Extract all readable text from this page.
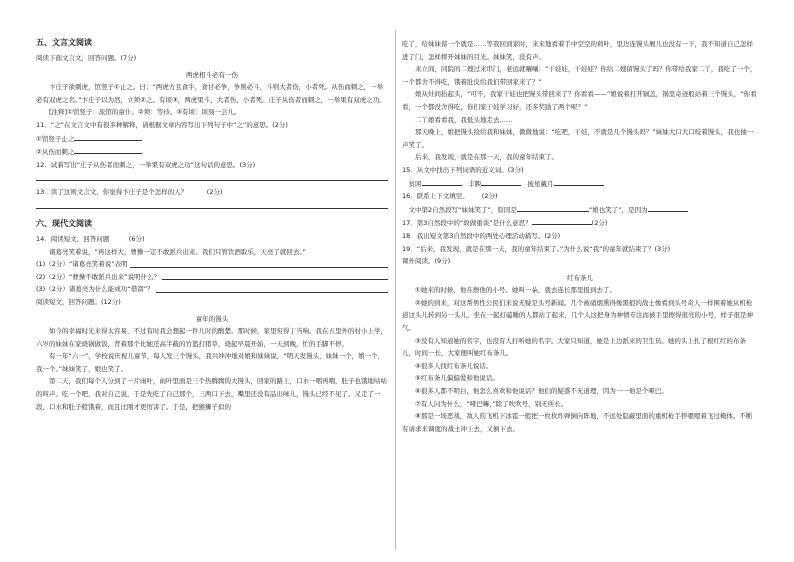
五、文言文阅读

阅读下面文言文，回答问题。(7分)

两虎相斗必有一伤

卞庄子欲刺虎，馆竖子①止之。曰：“两虎方且食牛，食甘必争，争则必斗，斗则大者伤，小者死。从伤而刺之，一举必有双虎之名。”卞庄子以为然，立须②之。有顷③，两虎果斗，大者伤，小者死。庄子从伤者而刺之，一举果有双虎之功。

[注释]①馆竖子：旅馆的童仆。②须：等待。③有顷：顷刻一会儿。

11．“之”在文言文中有很多种解释，请根据文章内容写出下列句子中“之”的意思。(2分)

①馆竖子止之

②从伤而刺之

12．试着写出“庄子从伤者而刺之，一举果有双虎之功”这句话的意思。(3分)

13．读了这则文言文，你觉得卞庄子是个怎样的人？   	(2分)

六、现代文阅读

14．阅读短文，回答问题   	(6分)

诸葛亮笑着说，“再这样大，曹操一定不敢派兵出来。我们只管饮酒取乐，天亮了就回去。”

(1)（2分）“诸葛亮笑着说”表明

(2)（2分）“曹操不敢派兵出来”说明什么？

(3)（2分）诸葛亮为什么能成功“借箭”？

阅读短文，回答问题。(12分)

童年的馒头

如今的幸福时光来得太容易，不过有时我会想起一件儿时的酸楚。那时候，家里穷得丁当响。我在五里外的村小上学，六岁的妹妹在家烧锅做饭，背着那个比她还高半截的竹篮打猪草，烧起早晨开始，一天到晚，忙的手脚不停。

有一年“六一”，学校说庆祝儿童节，每人发三个馒头，我兴冲冲地对娘和妹妹说，“明天发馒头，妹妹一个，娘一个，我一个。”妹妹笑了，娘也笑了。

第二天，我们每个人分到了一片雨叶，雨叶里面是三个热腾腾的大馒头，回家的路上，口水一咽再咽，肚子也饿地咕咕的叫声。吃一个吧，我对自己说，于是先吃了自己那个，三两口下去，嘴里还没有品出味儿，馒头已经不见了。又走了一段，口水和肚子般饿着，而且比刚才更厉害了。于是，把猴狮子似的

吃了，给妹妹留一个就是……等我回到家时，来来地看着手中空空的荷叶，里边连馒头屑儿也没有一下，我不知道自己怎样进了门，怎样摔开妹妹的目光。妹妹笑，没有声。

来立间，同院的二嫂过来串门，老远就嚷嚷：“干娃娃，干娃娃？你给二嫂留馒头了吗？你带给我家二丫，我吃了一个，一个都舍不得吃，饿着肚皮给我们带回家来了？”

娘从灶间抬起头，“可不，我家干娃也把馒头带回来了？你看看——”娘说着打开锅盖，锅里奇迹般站着三个馒头，“你看看，一个都没舍得吃，你们家干娃学习好，还多奖励了两个呢？”

二丫娘看看我，我低头地走去……

那天晚上，娘把馒头捡给我和妹妹，微微地说：“吃吧，干娃，不就是几个馒头吗？”妹妹大口大口咬着馒头，我也抽一声笑了。

后来，我发现，就是在那一天，我的童年结束了。

15．从文中找出下列词语的近义词。(3分)

 贫困 	丰腴 	披星戴月

16．联系上下文填空。   (2分)

 文中第2自然段写“妹妹笑了”，原因是	“娘也笑了”，是因为

17．第3自然段中的“故做重谈”是什么意思？	(2分)

18．我出短文第3自然段中的两处心理活动描写。(2分)

19．“后来，我发现，就是在那一天，我的童年结束了。”为什么说“我”的童年就结束了？(3分)

课外阅读。(9分)

红布条儿

①她来的时候，他在擦他的小号。她叫一朵，就去连长那里报到去了。

②她的到来，对这帮男性公民们来说无疑是头号新闻。几个被硝烟熏得像黑狼的战士像看到头号奇人一样围着她从机枪道这头儿转到另一头儿，坐在一起打磕睡的人都站了起来，几个人这把身为神情专注而被手里擦得很亮的小号，样子很是神气。

③没有人知道她的名字，也没有人打听她的名字。大家只知道，她是上边派来的卫生员。她的头上扎了根红红的布条儿，时间一长，大家便叫她红布条儿。

④很多人找红布条儿说话。

⑤红布条儿偏偏爱和他说话。

⑥很多人都不明白，他怎么喜欢和他说话？他们的疑惑不无道理，因为一一他是个哑巴。

⑦有人问为什么，“哑巴嘛，”除了吹吹号，别无所长。

⑧那是一场恶战，敌人的飞机下冰雹一般把一枚枚炸弹倒向阵地，不远处隐蔽里面的重机枪手猝嗯嗯着飞过掩体。不断有请求来调度的战士冲上去，又倒下去。
